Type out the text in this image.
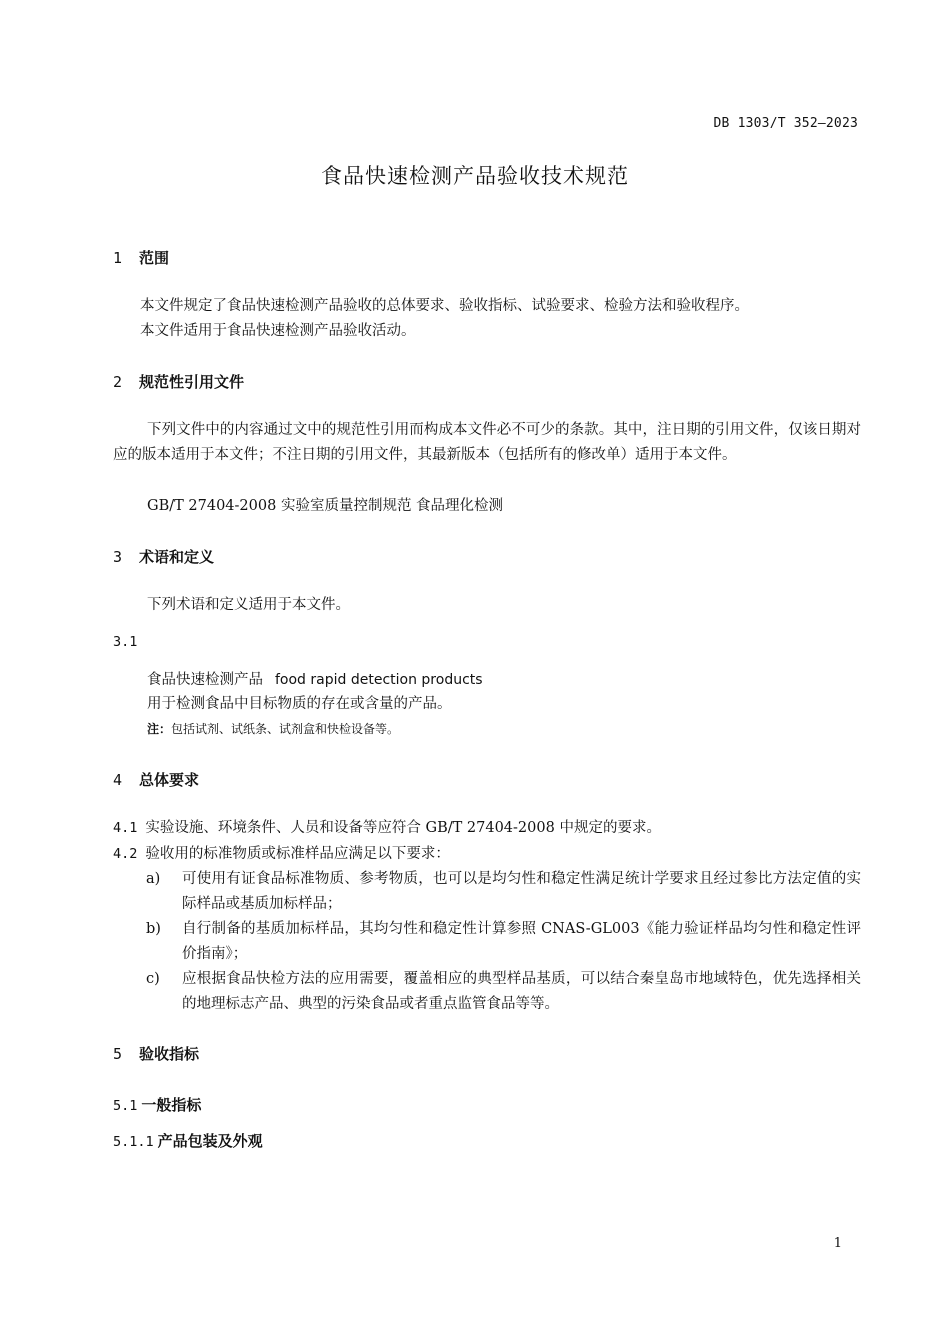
DB 1303/T 352—2023
食品快速检测产品验收技术规范
1 范围
本文件规定了食品快速检测产品验收的总体要求、验收指标、试验要求、检验方法和验收程序。
本文件适用于食品快速检测产品验收活动。
2 规范性引用文件
下列文件中的内容通过文中的规范性引用而构成本文件必不可少的条款。其中，注日期的引用文件，仅该日期对应的版本适用于本文件；不注日期的引用文件，其最新版本（包括所有的修改单）适用于本文件。
GB/T 27404-2008 实验室质量控制规范 食品理化检测
3 术语和定义
下列术语和定义适用于本文件。
3.1
食品快速检测产品 food rapid detection products
用于检测食品中目标物质的存在或含量的产品。
注：包括试剂、试纸条、试剂盒和快检设备等。
4 总体要求
4.1 实验设施、环境条件、人员和设备等应符合 GB/T 27404-2008 中规定的要求。
4.2 验收用的标准物质或标准样品应满足以下要求：
a)	可使用有证食品标准物质、参考物质，也可以是均匀性和稳定性满足统计学要求且经过参比方法定值的实际样品或基质加标样品；
b)	自行制备的基质加标样品，其均匀性和稳定性计算参照 CNAS-GL003《能力验证样品均匀性和稳定性评价指南》；
c)	应根据食品快检方法的应用需要，覆盖相应的典型样品基质，可以结合秦皇岛市地域特色，优先选择相关的地理标志产品、典型的污染食品或者重点监管食品等等。
5 验收指标
5.1 一般指标
5.1.1 产品包装及外观
1
